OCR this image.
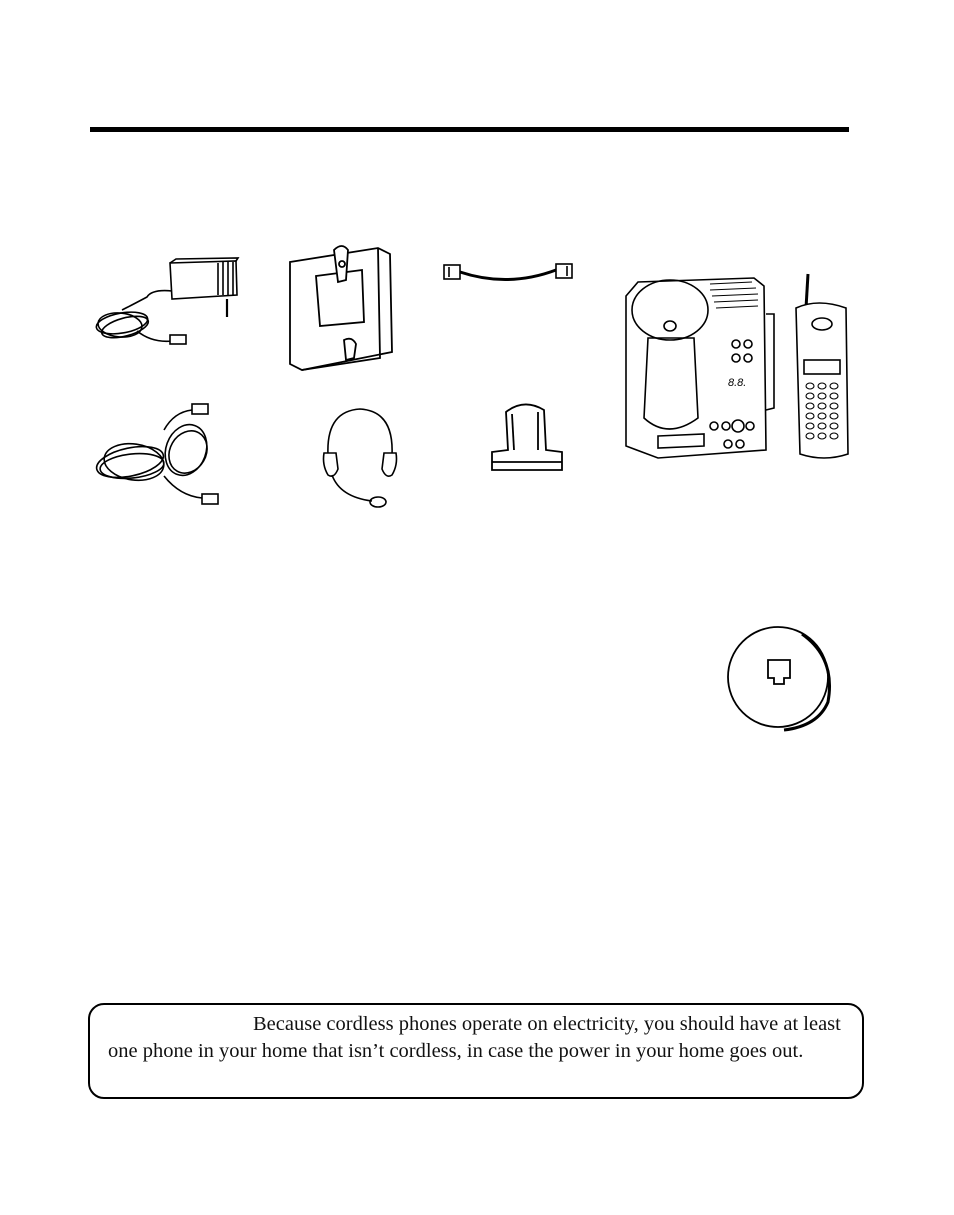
8.8.

Because cordless phones operate on electricity, you should have at least one phone in your home that isn’t cordless, in case the power in your home goes out.
